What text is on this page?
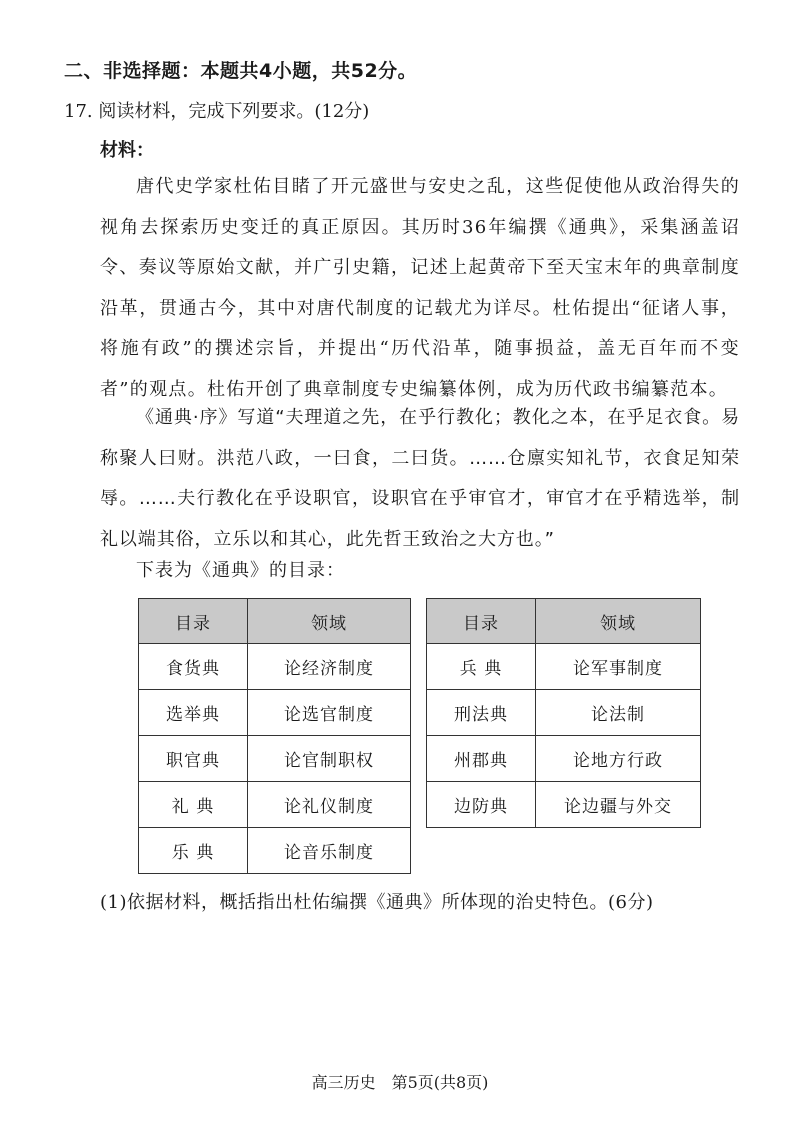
二、非选择题：本题共4小题，共52分。
17. 阅读材料，完成下列要求。(12分)
材料：

唐代史学家杜佑目睹了开元盛世与安史之乱，这些促使他从政治得失的视角去探索历史变迁的真正原因。其历时36年编撰《通典》，采集涵盖诏令、奏议等原始文献，并广引史籍，记述上起黄帝下至天宝末年的典章制度沿革，贯通古今，其中对唐代制度的记载尤为详尽。杜佑提出“征诸人事，将施有政”的撰述宗旨，并提出“历代沿革，随事损益，盖无百年而不变者”的观点。杜佑开创了典章制度专史编纂体例，成为历代政书编纂范本。

《通典·序》写道“夫理道之先，在乎行教化；教化之本，在乎足衣食。易称聚人曰财。洪范八政，一曰食，二曰货。……仓廪实知礼节，衣食足知荣辱。……夫行教化在乎设职官，设职官在乎审官才，审官才在乎精选举，制礼以端其俗，立乐以和其心，此先哲王致治之大方也。”

下表为《通典》的目录：
目录	领域
食货典	论经济制度
选举典	论选官制度
职官典	论官制职权
礼 典	论礼仪制度
乐 典	论音乐制度
目录	领域
兵 典	论军事制度
刑法典	论法制
州郡典	论地方行政
边防典	论边疆与外交
(1)依据材料，概括指出杜佑编撰《通典》所体现的治史特色。(6分)
高三历史　第5页(共8页)
